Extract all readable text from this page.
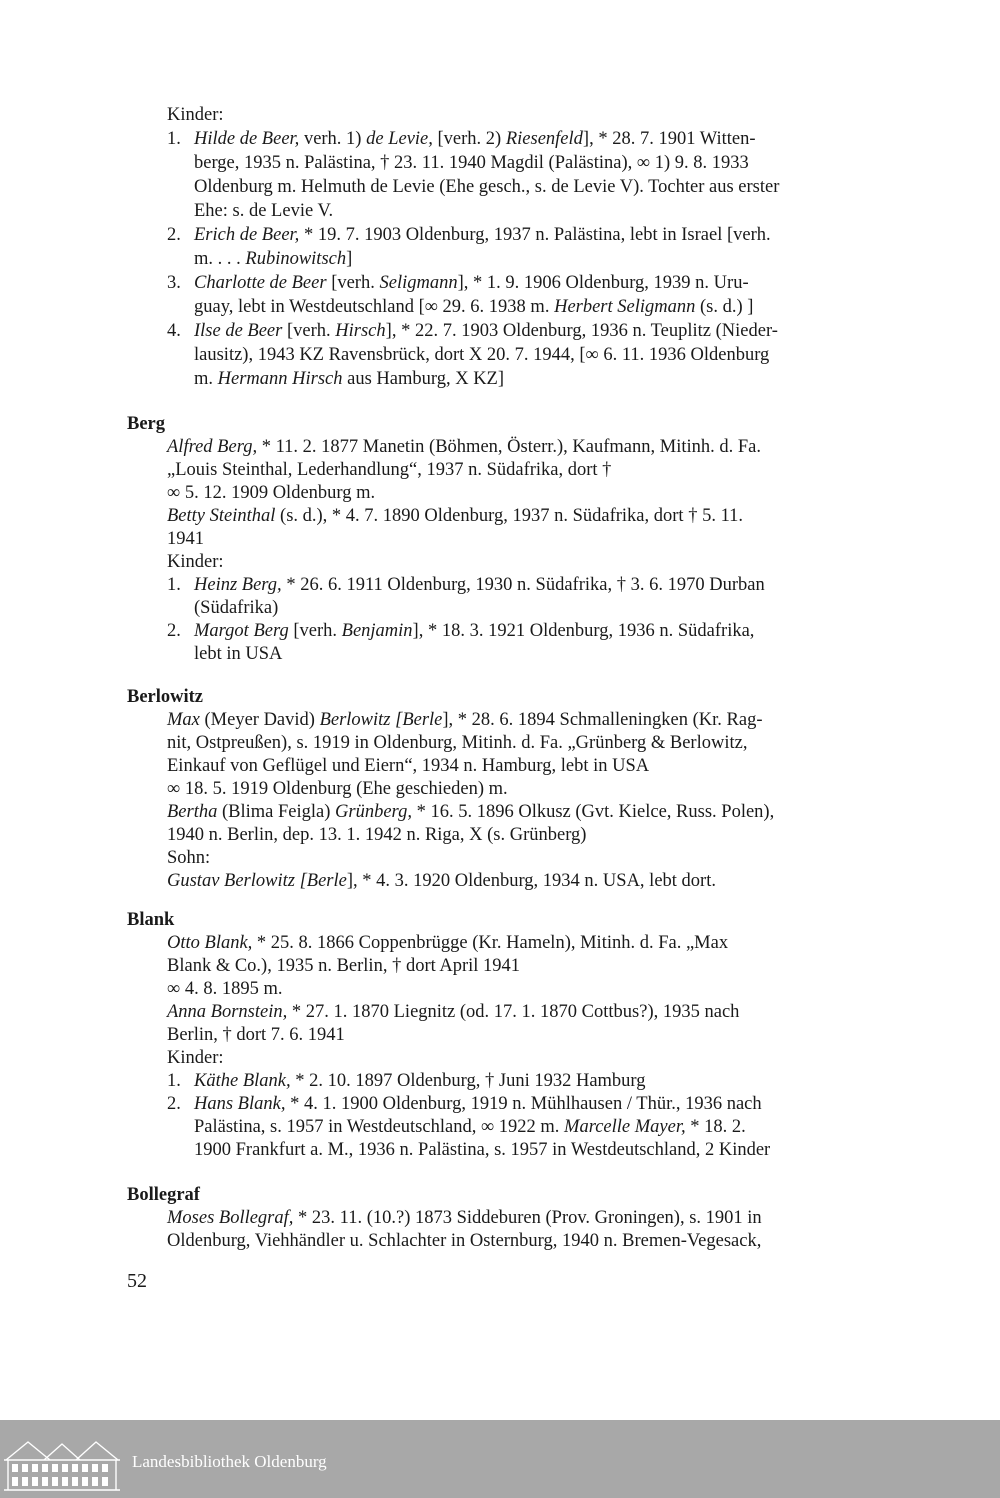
Kinder:
1. Hilde de Beer, verh. 1) de Levie, [verh. 2) Riesenfeld], * 28. 7. 1901 Witten-
berge, 1935 n. Palästina, † 23. 11. 1940 Magdil (Palästina), ∞ 1) 9. 8. 1933
Oldenburg m. Helmuth de Levie (Ehe gesch., s. de Levie V). Tochter aus erster
Ehe: s. de Levie V.
2. Erich de Beer, * 19. 7. 1903 Oldenburg, 1937 n. Palästina, lebt in Israel [verh.
m. . . . Rubinowitsch]
3. Charlotte de Beer [verh. Seligmann], * 1. 9. 1906 Oldenburg, 1939 n. Uru-
guay, lebt in Westdeutschland [∞ 29. 6. 1938 m. Herbert Seligmann (s. d.) ]
4. Ilse de Beer [verh. Hirsch], * 22. 7. 1903 Oldenburg, 1936 n. Teuplitz (Nieder-
lausitz), 1943 KZ Ravensbrück, dort X 20. 7. 1944, [∞ 6. 11. 1936 Oldenburg
m. Hermann Hirsch aus Hamburg, X KZ]
Berg
Alfred Berg, * 11. 2. 1877 Manetin (Böhmen, Österr.), Kaufmann, Mitinh. d. Fa.
„Louis Steinthal, Lederhandlung“, 1937 n. Südafrika, dort †
∞ 5. 12. 1909 Oldenburg m.
Betty Steinthal (s. d.), * 4. 7. 1890 Oldenburg, 1937 n. Südafrika, dort † 5. 11.
1941
Kinder:
1. Heinz Berg, * 26. 6. 1911 Oldenburg, 1930 n. Südafrika, † 3. 6. 1970 Durban
(Südafrika)
2. Margot Berg [verh. Benjamin], * 18. 3. 1921 Oldenburg, 1936 n. Südafrika,
lebt in USA
Berlowitz
Max (Meyer David) Berlowitz [Berle], * 28. 6. 1894 Schmalleningken (Kr. Rag-
nit, Ostpreußen), s. 1919 in Oldenburg, Mitinh. d. Fa. „Grünberg & Berlowitz,
Einkauf von Geflügel und Eiern“, 1934 n. Hamburg, lebt in USA
∞ 18. 5. 1919 Oldenburg (Ehe geschieden) m.
Bertha (Blima Feigla) Grünberg, * 16. 5. 1896 Olkusz (Gvt. Kielce, Russ. Polen),
1940 n. Berlin, dep. 13. 1. 1942 n. Riga, X (s. Grünberg)
Sohn:
Gustav Berlowitz [Berle], * 4. 3. 1920 Oldenburg, 1934 n. USA, lebt dort.
Blank
Otto Blank, * 25. 8. 1866 Coppenbrügge (Kr. Hameln), Mitinh. d. Fa. „Max
Blank & Co.), 1935 n. Berlin, † dort April 1941
∞ 4. 8. 1895 m.
Anna Bornstein, * 27. 1. 1870 Liegnitz (od. 17. 1. 1870 Cottbus?), 1935 nach
Berlin, † dort 7. 6. 1941
Kinder:
1. Käthe Blank, * 2. 10. 1897 Oldenburg, † Juni 1932 Hamburg
2. Hans Blank, * 4. 1. 1900 Oldenburg, 1919 n. Mühlhausen / Thür., 1936 nach
Palästina, s. 1957 in Westdeutschland, ∞ 1922 m. Marcelle Mayer, * 18. 2.
1900 Frankfurt a. M., 1936 n. Palästina, s. 1957 in Westdeutschland, 2 Kinder
Bollegraf
Moses Bollegraf, * 23. 11. (10.?) 1873 Siddeburen (Prov. Groningen), s. 1901 in
Oldenburg, Viehhändler u. Schlachter in Osternburg, 1940 n. Bremen-Vegesack,
52
Landesbibliothek Oldenburg
